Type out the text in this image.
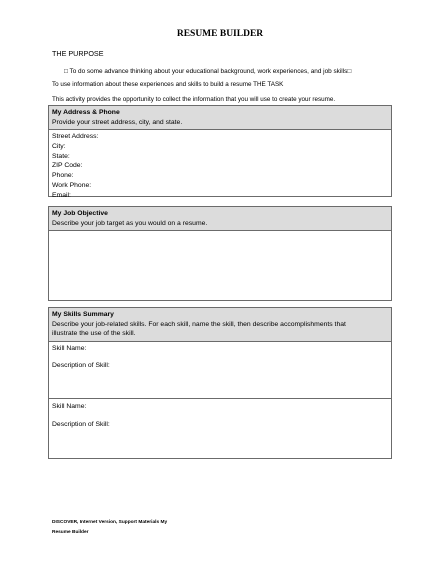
RESUME BUILDER
THE PURPOSE
□ To do some advance thinking about your educational background, work experiences, and job skills□
To use information about these experiences and skills to build a resume THE TASK
This activity provides the opportunity to collect the information that you will use to create your resume.
My Address & Phone
Provide your street address, city, and state.
Street Address:
City:
State:
ZIP Code:
Phone:
Work Phone:
Email:
My Job Objective
Describe your job target as you would on a resume.
My Skills Summary
Describe your job-related skills. For each skill, name the skill, then describe accomplishments that
illustrate the use of the skill.
Skill Name:
Description of Skill:
Skill Name:
Description of Skill:
DISCOVER, Internet Version, Support Materials My
Resume Builder
